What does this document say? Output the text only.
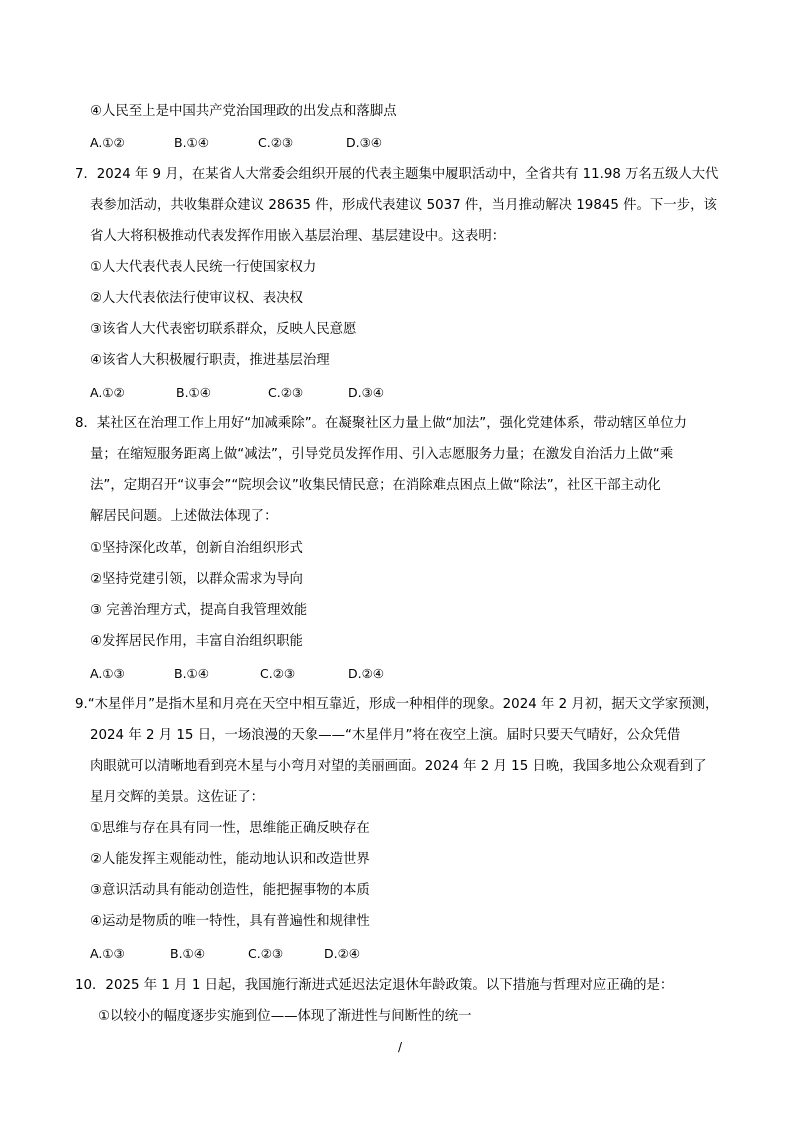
④人民至上是中国共产党治国理政的出发点和落脚点
A.①②	B.①④	C.②③	D.③④
7．2024 年 9 月，在某省人大常委会组织开展的代表主题集中履职活动中，全省共有 11.98 万名五级人大代
表参加活动，共收集群众建议 28635 件，形成代表建议 5037 件，当月推动解决 19845 件。下一步，该
省人大将积极推动代表发挥作用嵌入基层治理、基层建设中。这表明：
①人大代表代表人民统一行使国家权力
②人大代表依法行使审议权、表决权
③该省人大代表密切联系群众，反映人民意愿
④该省人大积极履行职责，推进基层治理
A.①②	B.①④	C.②③	D.③④
8．某社区在治理工作上用好“加减乘除”。在凝聚社区力量上做“加法”，强化党建体系，带动辖区单位力
量；在缩短服务距离上做“减法”，引导党员发挥作用、引入志愿服务力量；在激发自治活力上做“乘
法”，定期召开“议事会”“院坝会议”收集民情民意；在消除难点困点上做“除法”，社区干部主动化
解居民问题。上述做法体现了：
①坚持深化改革，创新自治组织形式
②坚持党建引领，以群众需求为导向
③ 完善治理方式，提高自我管理效能
④发挥居民作用，丰富自治组织职能
A.①③	B.①④	C.②③	D.②④
9.“木星伴月”是指木星和月亮在天空中相互靠近，形成一种相伴的现象。2024 年 2 月初，据天文学家预测，
2024 年 2 月 15 日，一场浪漫的天象——“木星伴月”将在夜空上演。届时只要天气晴好，公众凭借
肉眼就可以清晰地看到亮木星与小弯月对望的美丽画面。2024 年 2 月 15 日晚，我国多地公众观看到了
星月交辉的美景。这佐证了：
①思维与存在具有同一性，思维能正确反映存在
②人能发挥主观能动性，能动地认识和改造世界
③意识活动具有能动创造性，能把握事物的本质
④运动是物质的唯一特性，具有普遍性和规律性
A.①③	B.①④	C.②③	D.②④
10．2025 年 1 月 1 日起，我国施行渐进式延迟法定退休年龄政策。以下措施与哲理对应正确的是：
①以较小的幅度逐步实施到位——体现了渐进性与间断性的统一
/
